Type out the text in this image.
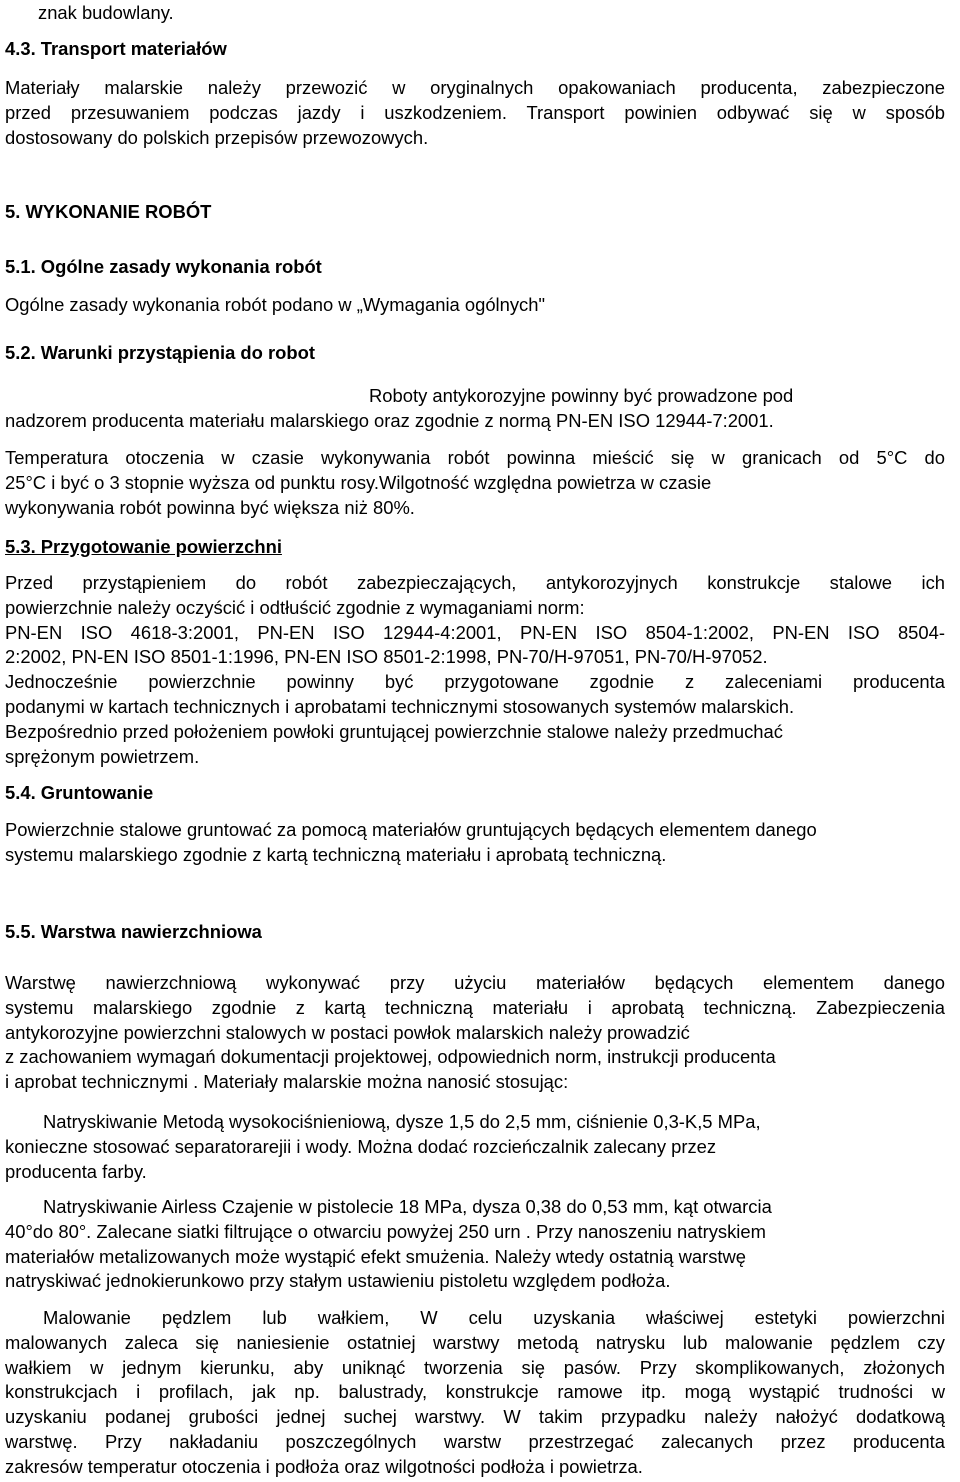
znak budowlany.
4.3. Transport materiałów
Materiały malarskie należy przewozić w oryginalnych opakowaniach producenta, zabezpieczone
przed przesuwaniem podczas jazdy i uszkodzeniem. Transport powinien odbywać się w sposób
dostosowany do polskich przepisów przewozowych.
5. WYKONANIE ROBÓT
5.1. Ogólne zasady wykonania robót
Ogólne zasady wykonania robót podano w „Wymagania ogólnych"
5.2. Warunki przystąpienia do robot
Roboty antykorozyjne powinny być prowadzone pod
nadzorem producenta materiału malarskiego oraz zgodnie z normą PN-EN ISO 12944-7:2001.
Temperatura otoczenia w czasie wykonywania robót powinna mieścić się w granicach od 5°C do
25°C i być o 3 stopnie wyższa od punktu rosy.Wilgotność względna powietrza w czasie
wykonywania robót powinna być większa niż 80%.
5.3. Przygotowanie powierzchni
Przed przystąpieniem do robót zabezpieczających, antykorozyjnych konstrukcje stalowe ich
powierzchnie należy oczyścić i odtłuścić zgodnie z wymaganiami norm:
PN-EN ISO 4618-3:2001, PN-EN ISO 12944-4:2001, PN-EN ISO 8504-1:2002, PN-EN ISO 8504-
2:2002, PN-EN ISO 8501-1:1996, PN-EN ISO 8501-2:1998, PN-70/H-97051, PN-70/H-97052.
Jednocześnie powierzchnie powinny być przygotowane zgodnie z zaleceniami producenta
podanymi w kartach technicznych i aprobatami technicznymi stosowanych systemów malarskich.
Bezpośrednio przed położeniem powłoki gruntującej powierzchnie stalowe należy przedmuchać
sprężonym powietrzem.
5.4. Gruntowanie
Powierzchnie stalowe gruntować za pomocą materiałów gruntujących będących elementem danego
systemu malarskiego zgodnie z kartą techniczną materiału i aprobatą techniczną.
5.5. Warstwa nawierzchniowa
Warstwę nawierzchniową wykonywać przy użyciu materiałów będących elementem danego
systemu malarskiego zgodnie z kartą techniczną materiału i aprobatą techniczną. Zabezpieczenia
antykorozyjne powierzchni stalowych w postaci powłok malarskich należy prowadzić
z zachowaniem wymagań dokumentacji projektowej, odpowiednich norm, instrukcji producenta
i aprobat technicznymi . Materiały malarskie można nanosić stosując:
Natryskiwanie Metodą wysokociśnieniową, dysze 1,5 do 2,5 mm, ciśnienie 0,3-K,5 MPa,
konieczne stosować separatorarejii i wody. Można dodać rozcieńczalnik zalecany przez
producenta farby.
Natryskiwanie Airless Czajenie w pistolecie 18 MPa, dysza 0,38 do 0,53 mm, kąt otwarcia
40°do 80°. Zalecane siatki filtrujące o otwarciu powyżej 250 urn . Przy nanoszeniu natryskiem
materiałów metalizowanych może wystąpić efekt smużenia. Należy wtedy ostatnią warstwę
natryskiwać jednokierunkowo przy stałym ustawieniu pistoletu względem podłoża.
Malowanie pędzlem lub wałkiem, W celu uzyskania właściwej estetyki powierzchni
malowanych zaleca się naniesienie ostatniej warstwy metodą natrysku lub malowanie pędzlem czy
wałkiem w jednym kierunku, aby uniknąć tworzenia się pasów. Przy skomplikowanych, złożonych
konstrukcjach i profilach, jak np. balustrady, konstrukcje ramowe itp. mogą wystąpić trudności w
uzyskaniu podanej grubości jednej suchej warstwy. W takim przypadku należy nałożyć dodatkową
warstwę. Przy nakładaniu poszczególnych warstw przestrzegać zalecanych przez producenta
zakresów temperatur otoczenia i podłoża oraz wilgotności podłoża i powietrza.
